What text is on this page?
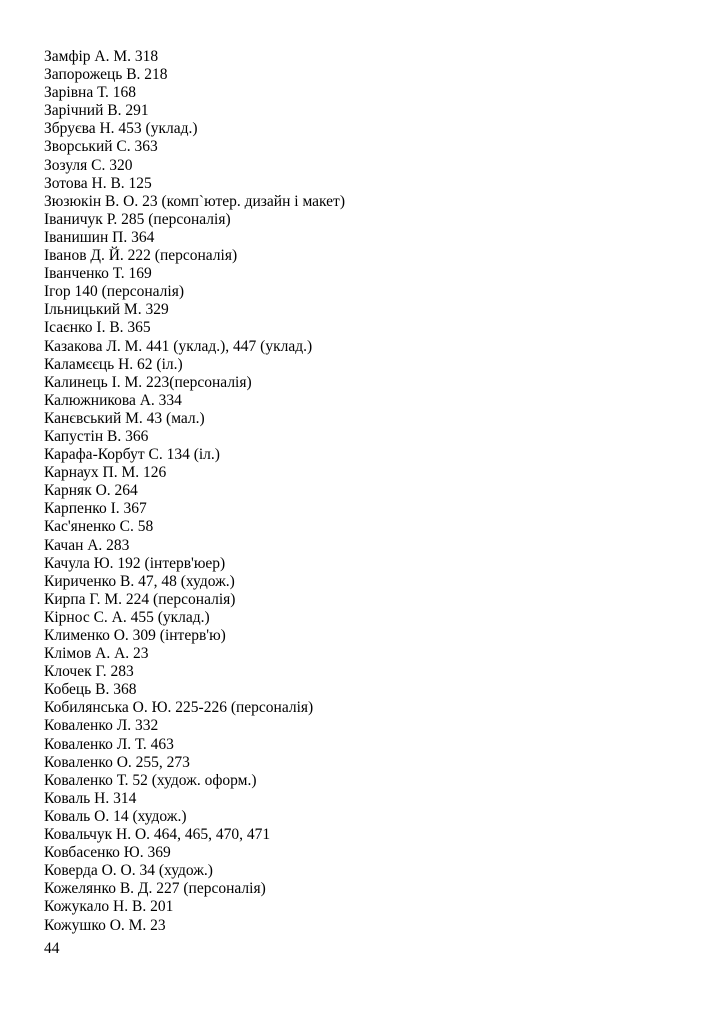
Замфір А. М. 318
Запорожець В. 218
Зарівна Т. 168
Зарічний В. 291
Збруєва Н. 453 (уклад.)
Зворський С. 363
Зозуля С. 320
Зотова Н. В. 125
Зюзюкін В. О. 23 (комп`ютер. дизайн і макет)
Іваничук Р. 285 (персоналія)
Іванишин П. 364
Іванов Д. Й. 222 (персоналія)
Іванченко Т. 169
Ігор 140 (персоналія)
Ільницький М. 329
Ісаєнко І. В. 365
Казакова Л. М. 441 (уклад.), 447 (уклад.)
Каламєєць Н. 62 (іл.)
Калинець І. М. 223(персоналія)
Калюжникова А. 334
Канєвський М. 43 (мал.)
Капустін В. 366
Карафа-Корбут С. 134 (іл.)
Карнаух П. М. 126
Карняк О. 264
Карпенко І. 367
Кас'яненко С. 58
Качан А. 283
Качула Ю. 192 (інтерв'юер)
Кириченко В. 47, 48 (худож.)
Кирпа Г. М. 224 (персоналія)
Кірнос С. А. 455 (уклад.)
Клименко О. 309 (інтерв'ю)
Клімов А. А. 23
Клочек Г. 283
Кобець В. 368
Кобилянська О. Ю. 225-226 (персоналія)
Коваленко Л. 332
Коваленко Л. Т. 463
Коваленко О. 255, 273
Коваленко Т. 52 (худож. оформ.)
Коваль Н. 314
Коваль О. 14 (худож.)
Ковальчук Н. О. 464, 465, 470, 471
Ковбасенко Ю. 369
Коверда О. О. 34 (худож.)
Кожелянко В. Д. 227 (персоналія)
Кожукало Н. В. 201
Кожушко О. М. 23
44
